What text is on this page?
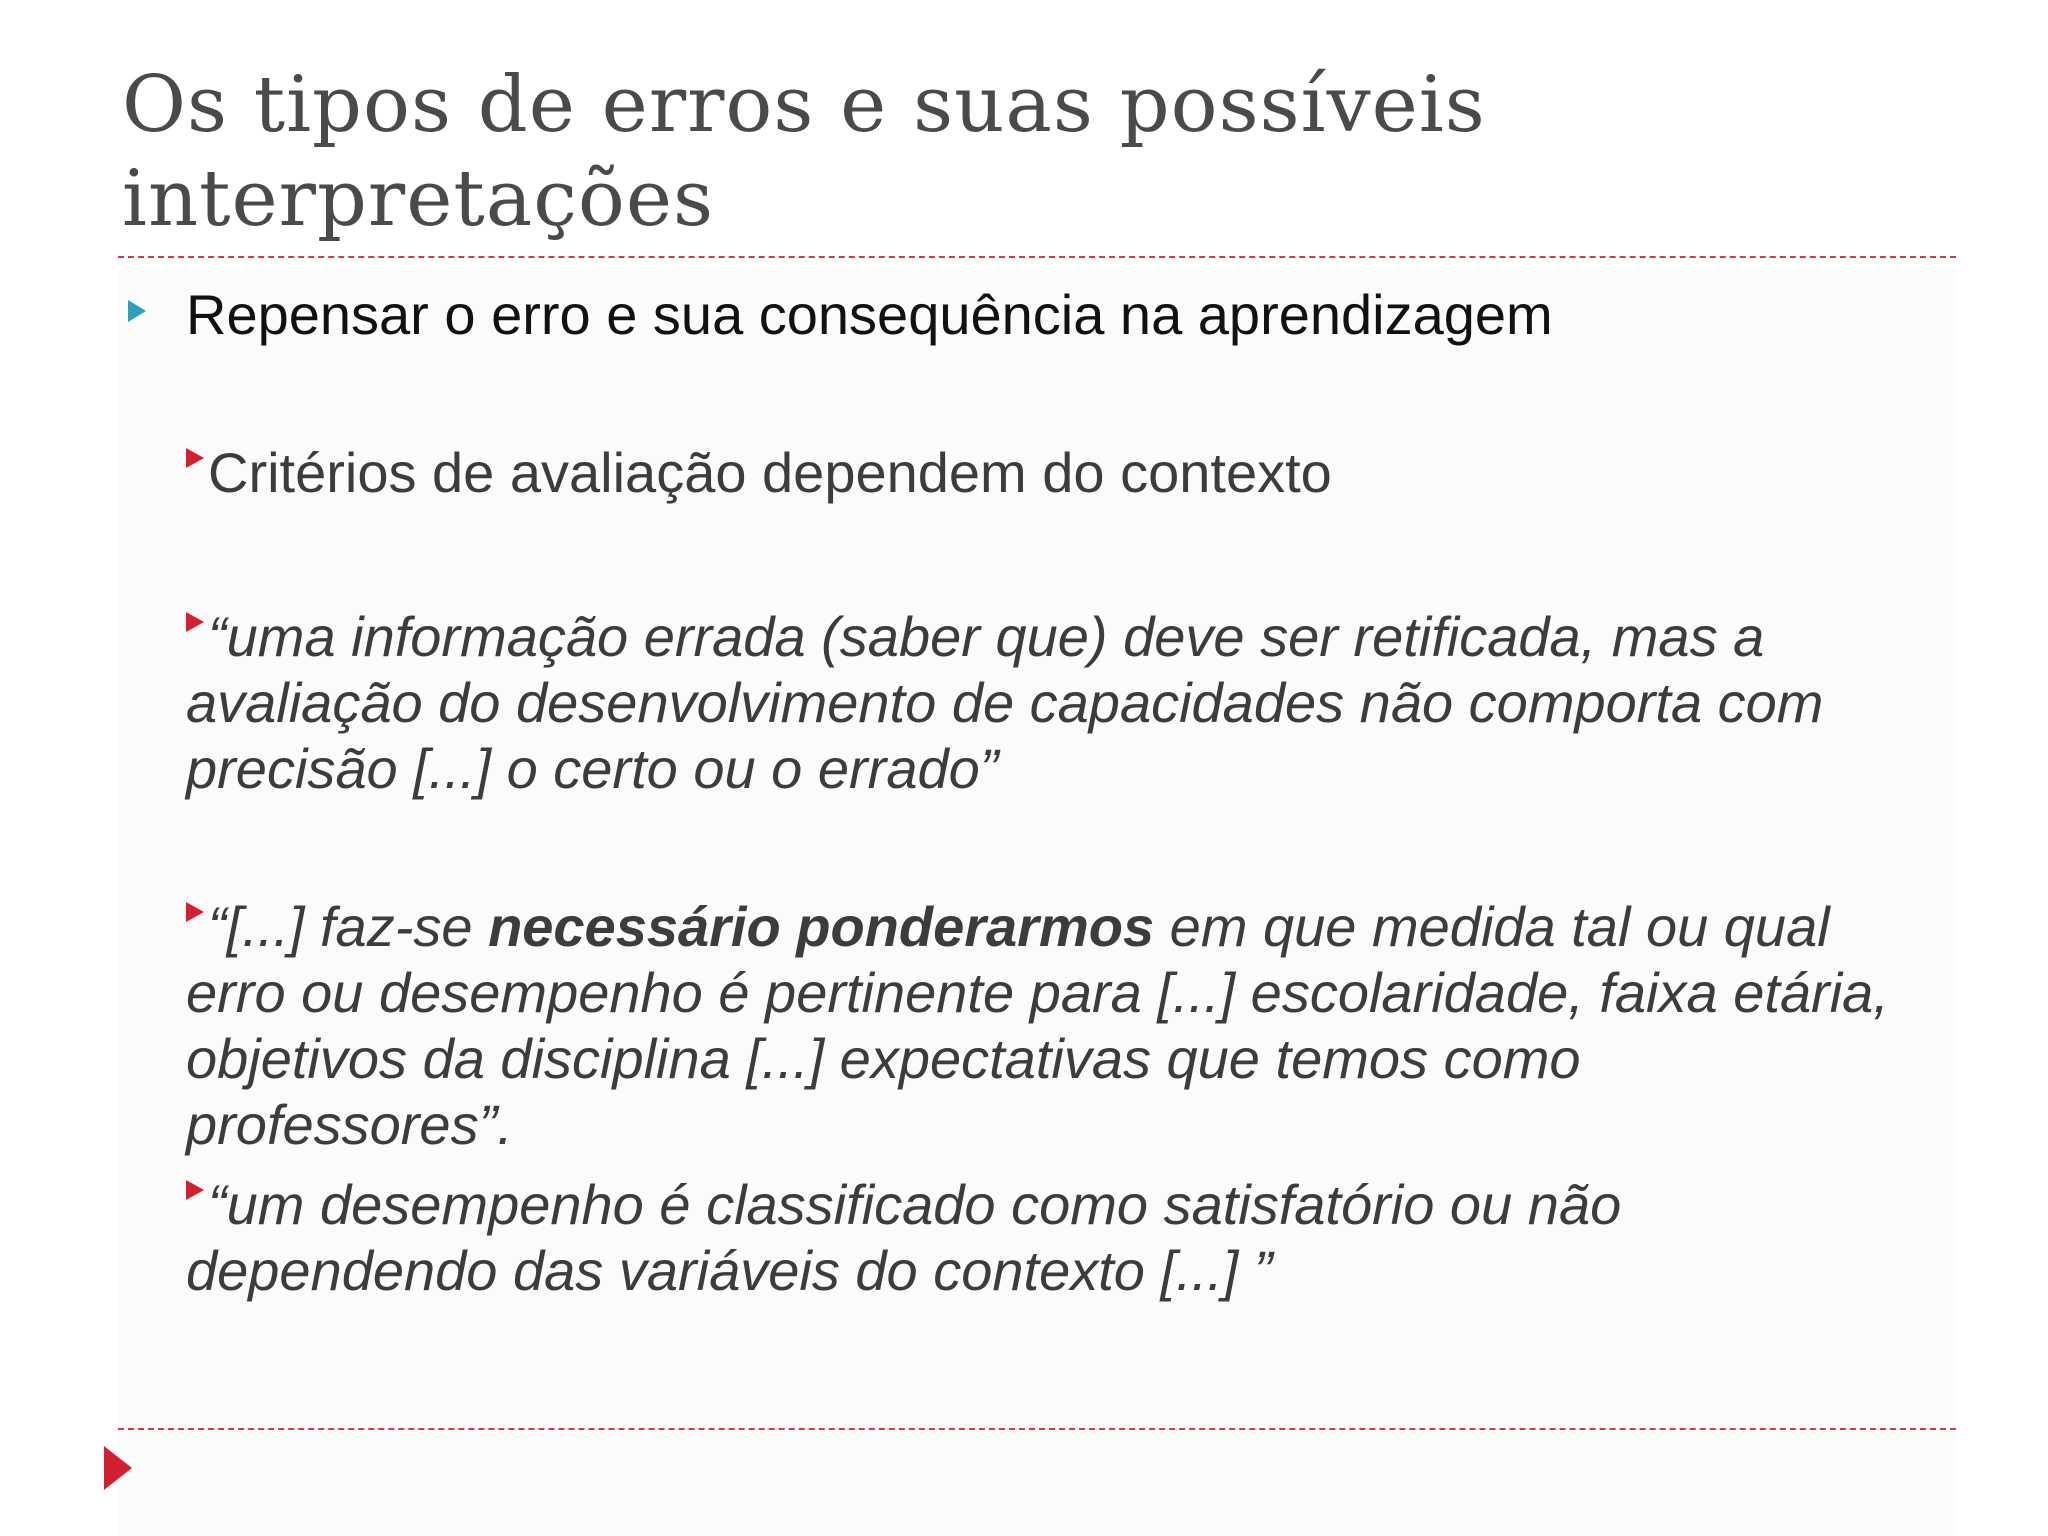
Os tipos de erros e suas possíveis interpretações
Repensar o erro e sua consequência na aprendizagem
Critérios de avaliação dependem do contexto
“uma informação errada (saber que) deve ser retificada, mas a avaliação do desenvolvimento de capacidades não comporta com precisão [...] o certo ou o errado”
“[...] faz-se necessário ponderarmos em que medida tal ou qual erro ou desempenho é pertinente para [...] escolaridade, faixa etária, objetivos da disciplina [...] expectativas que temos como professores”.
“um desempenho é classificado como satisfatório ou não dependendo das variáveis do contexto [...] ”
